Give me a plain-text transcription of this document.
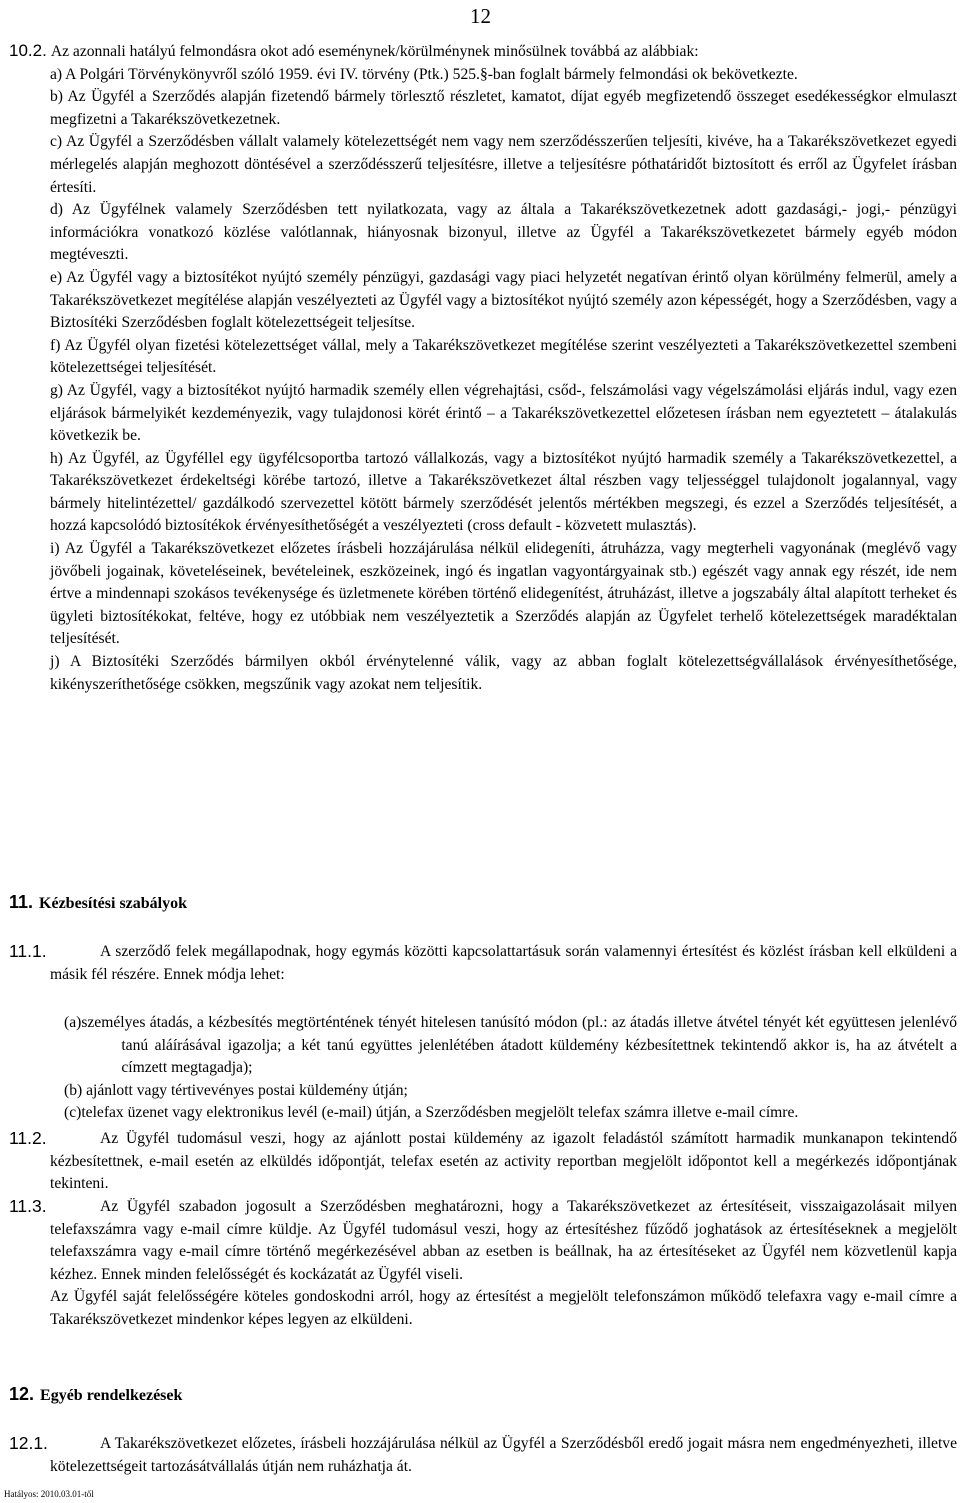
12

10.2. Az azonnali hatályú felmondásra okot adó eseménynek/körülménynek minősülnek továbbá az alábbiak:

a) A Polgári Törvénykönyvről szóló 1959. évi IV. törvény (Ptk.) 525.§-ban foglalt bármely felmondási ok bekövetkezte.

b) Az Ügyfél a Szerződés alapján fizetendő bármely törlesztő részletet, kamatot, díjat egyéb megfizetendő összeget esedékességkor elmulaszt megfizetni a Takarékszövetkezetnek.

c) Az Ügyfél a Szerződésben vállalt valamely kötelezettségét nem vagy nem szerződésszerűen teljesíti, kivéve, ha a Takarékszövetkezet egyedi mérlegelés alapján meghozott döntésével a szerződésszerű teljesítésre, illetve a teljesítésre póthatáridőt biztosított és erről az Ügyfelet írásban értesíti.

d) Az Ügyfélnek valamely Szerződésben tett nyilatkozata, vagy az általa a Takarékszövetkezetnek adott gazdasági,- jogi,- pénzügyi információkra vonatkozó közlése valótlannak, hiányosnak bizonyul, illetve az Ügyfél a Takarékszövetkezetet bármely egyéb módon megtéveszti.

e) Az Ügyfél vagy a biztosítékot nyújtó személy pénzügyi, gazdasági vagy piaci helyzetét negatívan érintő olyan körülmény felmerül, amely a Takarékszövetkezet megítélése alapján veszélyezteti az Ügyfél vagy a biztosítékot nyújtó személy azon képességét, hogy a Szerződésben, vagy a Biztosítéki Szerződésben foglalt kötelezettségeit teljesítse.

f) Az Ügyfél olyan fizetési kötelezettséget vállal, mely a Takarékszövetkezet megítélése szerint veszélyezteti a Takarékszövetkezettel szembeni kötelezettségei teljesítését.

g) Az Ügyfél, vagy a biztosítékot nyújtó harmadik személy ellen végrehajtási, csőd-, felszámolási vagy végelszámolási eljárás indul, vagy ezen eljárások bármelyikét kezdeményezik, vagy tulajdonosi körét érintő – a Takarékszövetkezettel előzetesen írásban nem egyeztetett – átalakulás következik be.

h) Az Ügyfél, az Ügyféllel egy ügyfélcsoportba tartozó vállalkozás, vagy a biztosítékot nyújtó harmadik személy a Takarékszövetkezettel, a Takarékszövetkezet érdekeltségi körébe tartozó, illetve a Takarékszövetkezet által részben vagy teljességgel tulajdonolt jogalannyal, vagy bármely hitelintézettel/ gazdálkodó szervezettel kötött bármely szerződését jelentős mértékben megszegi, és ezzel a Szerződés teljesítését, a hozzá kapcsolódó biztosítékok érvényesíthetőségét a veszélyezteti (cross default - közvetett mulasztás).

i) Az Ügyfél a Takarékszövetkezet előzetes írásbeli hozzájárulása nélkül elidegeníti, átruházza, vagy megterheli vagyonának (meglévő vagy jövőbeli jogainak, követeléseinek, bevételeinek, eszközeinek, ingó és ingatlan vagyontárgyainak stb.) egészét vagy annak egy részét, ide nem értve a mindennapi szokásos tevékenysége és üzletmenete körében történő elidegenítést, átruházást, illetve a jogszabály által alapított terheket és ügyleti biztosítékokat, feltéve, hogy ez utóbbiak nem veszélyeztetik a Szerződés alapján az Ügyfelet terhelő kötelezettségek maradéktalan teljesítését.

j) A Biztosítéki Szerződés bármilyen okból érvénytelenné válik, vagy az abban foglalt kötelezettségvállalások érvényesíthetősége, kikényszeríthetősége csökken, megszűnik vagy azokat nem teljesítik.

11. Kézbesítési szabályok
11.1.	A szerződő felek megállapodnak, hogy egymás közötti kapcsolattartásuk során valamennyi értesítést és közlést írásban kell elküldeni a másik fél részére. Ennek módja lehet:

(a) személyes átadás, a kézbesítés megtörténtének tényét hitelesen tanúsító módon (pl.: az átadás illetve átvétel tényét két együttesen jelenlévő tanú aláírásával igazolja; a két tanú együttes jelenlétében átadott küldemény kézbesítettnek tekintendő akkor is, ha az átvételt a címzett megtagadja);
(b) ajánlott vagy tértivevényes postai küldemény útján;
(c) telefax üzenet vagy elektronikus levél (e-mail) útján, a Szerződésben megjelölt telefax számra illetve e-mail címre.
11.2.	Az Ügyfél tudomásul veszi, hogy az ajánlott postai küldemény az igazolt feladástól számított harmadik munkanapon tekintendő kézbesítettnek, e-mail esetén az elküldés időpontját, telefax esetén az activity reportban megjelölt időpontot kell a megérkezés időpontjának tekinteni.

11.3.	Az Ügyfél szabadon jogosult a Szerződésben meghatározni, hogy a Takarékszövetkezet az értesítéseit, visszaigazolásait milyen telefaxszámra vagy e-mail címre küldje. Az Ügyfél tudomásul veszi, hogy az értesítéshez fűződő joghatások az értesítéseknek a megjelölt telefaxszámra vagy e-mail címre történő megérkezésével abban az esetben is beállnak, ha az értesítéseket az Ügyfél nem közvetlenül kapja kézhez. Ennek minden felelősségét és kockázatát az Ügyfél viseli.

Az Ügyfél saját felelősségére köteles gondoskodni arról, hogy az értesítést a megjelölt telefonszámon működő telefaxra vagy e-mail címre a Takarékszövetkezet mindenkor képes legyen az elküldeni.

12. Egyéb rendelkezések
12.1.	A Takarékszövetkezet előzetes, írásbeli hozzájárulása nélkül az Ügyfél a Szerződésből eredő jogait másra nem engedményezheti, illetve kötelezettségeit tartozásátvállalás útján nem ruházhatja át.

Hatályos: 2010.03.01-től
